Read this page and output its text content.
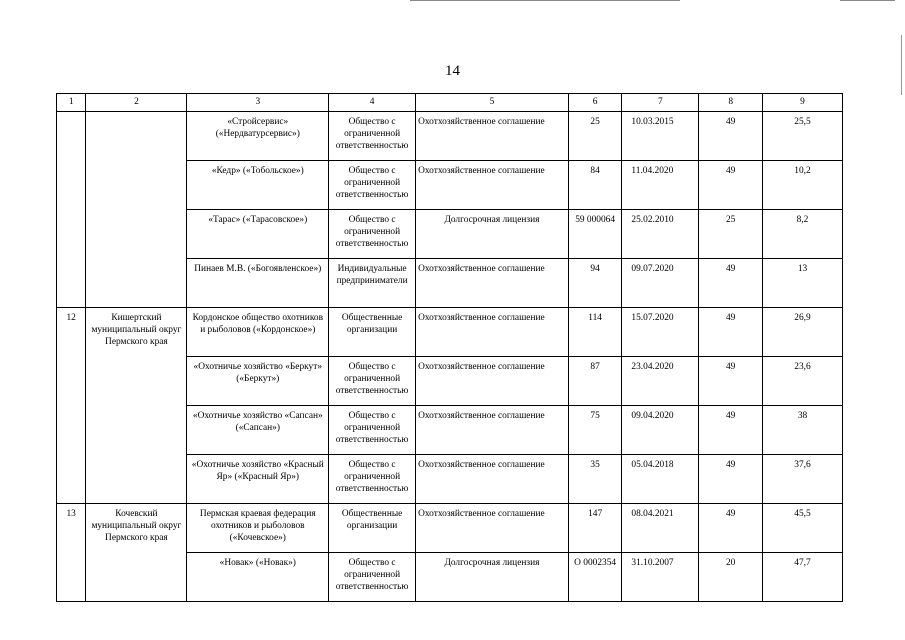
14
1	2	3	4	5	6	7	8	9
		«Стройсервис» («Нердватурсервис»)	Общество с ограниченной ответственностью	Охотхозяйственное соглашение	25	10.03.2015	49	25,5
		«Кедр» («Тобольское»)	Общество с ограниченной ответственностью	Охотхозяйственное соглашение	84	11.04.2020	49	10,2
		«Тарас» («Тарасовское»)	Общество с ограниченной ответственностью	Долгосрочная лицензия	59 000064	25.02.2010	25	8,2
		Пинаев М.В. («Богоявленское»)	Индивидуальные предприниматели	Охотхозяйственное соглашение	94	09.07.2020	49	13
12	Кишертский муниципальный округ Пермского края	Кордонское общество охотников и рыболовов («Кордонское»)	Общественные организации	Охотхозяйственное соглашение	114	15.07.2020	49	26,9
		«Охотничье хозяйство «Беркут» («Беркут»)	Общество с ограниченной ответственностью	Охотхозяйственное соглашение	87	23.04.2020	49	23,6
		«Охотничье хозяйство «Сапсан» («Сапсан»)	Общество с ограниченной ответственностью	Охотхозяйственное соглашение	75	09.04.2020	49	38
		«Охотничье хозяйство «Красный Яр» («Красный Яр»)	Общество с ограниченной ответственностью	Охотхозяйственное соглашение	35	05.04.2018	49	37,6
13	Кочевский муниципальный округ Пермского края	Пермская краевая федерация охотников и рыболовов («Кочевское»)	Общественные организации	Охотхозяйственное соглашение	147	08.04.2021	49	45,5
		«Новак» («Новак»)	Общество с ограниченной ответственностью	Долгосрочная лицензия	О 0002354	31.10.2007	20	47,7
